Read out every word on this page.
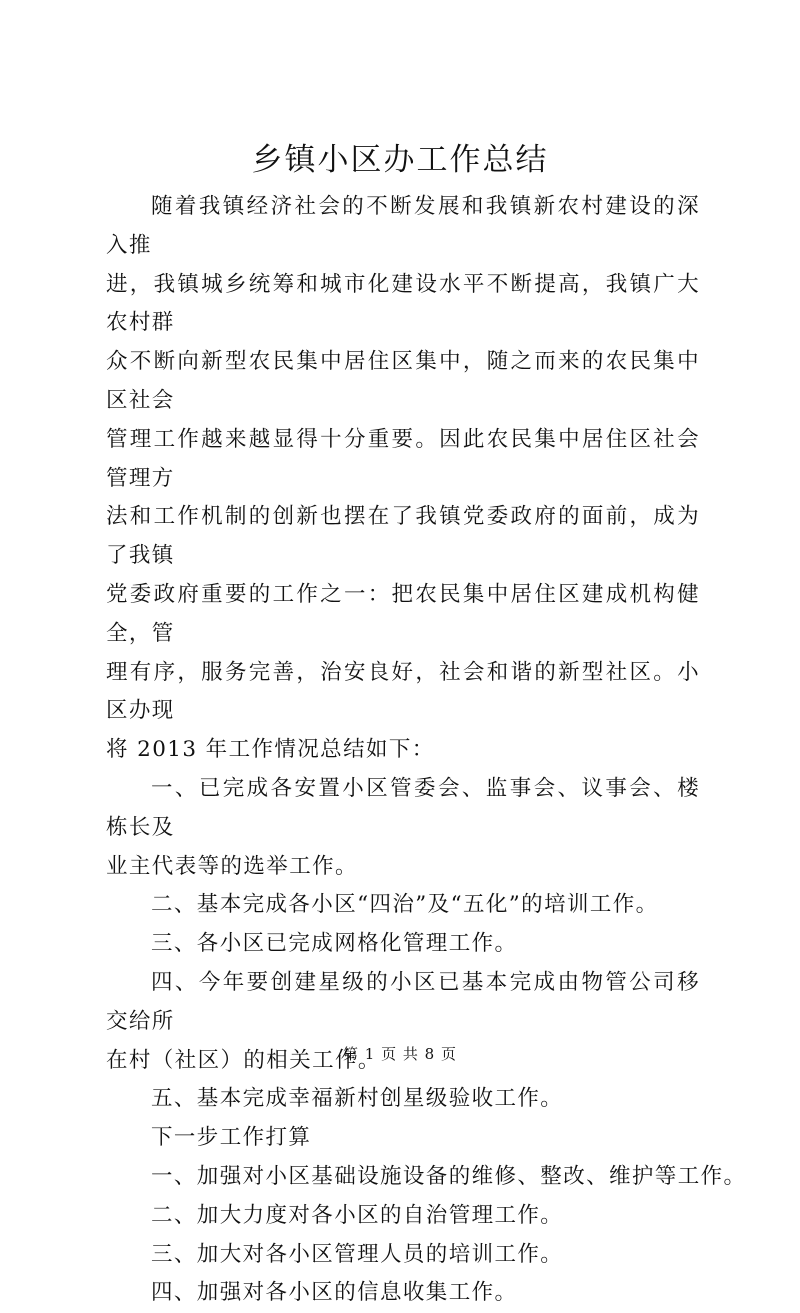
乡镇小区办工作总结
随着我镇经济社会的不断发展和我镇新农村建设的深入推
进，我镇城乡统筹和城市化建设水平不断提高，我镇广大农村群
众不断向新型农民集中居住区集中，随之而来的农民集中区社会
管理工作越来越显得十分重要。因此农民集中居住区社会管理方
法和工作机制的创新也摆在了我镇党委政府的面前，成为了我镇
党委政府重要的工作之一：把农民集中居住区建成机构健全，管
理有序，服务完善，治安良好，社会和谐的新型社区。小区办现
将 2013 年工作情况总结如下：
一、已完成各安置小区管委会、监事会、议事会、楼栋长及
业主代表等的选举工作。

二、基本完成各小区“四治”及“五化”的培训工作。

三、各小区已完成网格化管理工作。

四、今年要创建星级的小区已基本完成由物管公司移交给所
在村（社区）的相关工作。

五、基本完成幸福新村创星级验收工作。

下一步工作打算

一、加强对小区基础设施设备的维修、整改、维护等工作。

二、加大力度对各小区的自治管理工作。

三、加大对各小区管理人员的培训工作。

四、加强对各小区的信息收集工作。

第 1 页 共 8 页
